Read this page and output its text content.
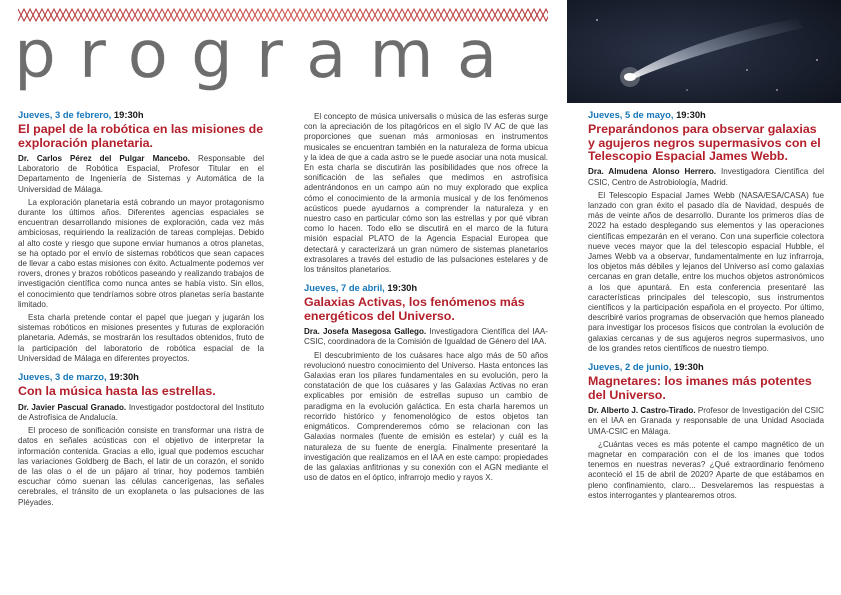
programa
Jueves, 3 de febrero, 19:30h
El papel de la robótica en las misiones de exploración planetaria.

Dr. Carlos Pérez del Pulgar Mancebo. Responsable del Laboratorio de Robótica Espacial, Profesor Titular en el Departamento de Ingeniería de Sistemas y Automática de la Universidad de Málaga.

La exploración planetaria está cobrando un mayor protagonismo durante los últimos años. Diferentes agencias espaciales se encuentran desarrollando misiones de exploración, cada vez más ambiciosas, requiriendo la realización de tareas complejas. Debido al alto coste y riesgo que supone enviar humanos a otros planetas, se ha optado por el envío de sistemas robóticos que sean capaces de llevar a cabo estas misiones con éxito. Actualmente podemos ver rovers, drones y brazos robóticos paseando y realizando trabajos de investigación científica como nunca antes se había visto. Sin ellos, el conocimiento que tendríamos sobre otros planetas sería bastante limitado.

Esta charla pretende contar el papel que juegan y jugarán los sistemas robóticos en misiones presentes y futuras de exploración planetaria. Además, se mostrarán los resultados obtenidos, fruto de la participación del laboratorio de robótica espacial de la Universidad de Málaga en diferentes proyectos.

Jueves, 3 de marzo, 19:30h
Con la música hasta las estrellas.

Dr. Javier Pascual Granado. Investigador postdoctoral del Instituto de Astrofísica de Andalucía.

El proceso de sonificación consiste en transformar una ristra de datos en señales acústicas con el objetivo de interpretar la información contenida. Gracias a ello, igual que podemos escuchar las variaciones Goldberg de Bach, el latir de un corazón, el sonido de las olas o el de un pájaro al trinar, hoy podemos también escuchar cómo suenan las células cancerígenas, las señales cerebrales, el tránsito de un exoplaneta o las pulsaciones de las Pléyades.

El concepto de música universalis o música de las esferas surge con la apreciación de los pitagóricos en el siglo IV AC de que las proporciones que suenan más armoniosas en instrumentos musicales se encuentran también en la naturaleza de forma ubicua y la idea de que a cada astro se le puede asociar una nota musical. En esta charla se discutirán las posibilidades que nos ofrece la sonificación de las señales que medimos en astrofísica adentrándonos en un campo aún no muy explorado que explica cómo el conocimiento de la armonía musical y de los fenómenos acústicos puede ayudarnos a comprender la naturaleza y en nuestro caso en particular cómo son las estrellas y por qué vibran como lo hacen. Todo ello se discutirá en el marco de la futura misión espacial PLATO de la Agencia Espacial Europea que detectará y caracterizará un gran número de sistemas planetarios extrasolares a través del estudio de las pulsaciones estelares y de los tránsitos planetarios.

Jueves, 7 de abril, 19:30h
Galaxias Activas, los fenómenos más energéticos del Universo.

Dra. Josefa Masegosa Gallego. Investigadora Científica del IAA-CSIC, coordinadora de la Comisión de Igualdad de Género del IAA.

El descubrimiento de los cuásares hace algo más de 50 años revolucionó nuestro conocimiento del Universo. Hasta entonces las Galaxias eran los pilares fundamentales en su evolución, pero la constatación de que los cuásares y las Galaxias Activas no eran explicables por emisión de estrellas supuso un cambio de paradigma en la evolución galáctica. En esta charla haremos un recorrido histórico y fenomenológico de estos objetos tan enigmáticos. Comprenderemos cómo se relacionan con las Galaxias normales (fuente de emisión es estelar) y cuál es la naturaleza de su fuente de energía. Finalmente presentaré la investigación que realizamos en el IAA en este campo: propiedades de las galaxias anfitrionas y su conexión con el AGN mediante el uso de datos en el óptico, infrarrojo medio y rayos X.

Jueves, 5 de mayo, 19:30h
Preparándonos para observar galaxias y agujeros negros supermasivos con el Telescopio Espacial James Webb.

Dra. Almudena Alonso Herrero. Investigadora Científica del CSIC, Centro de Astrobiología, Madrid.

El Telescopio Espacial James Webb (NASA/ESA/CASA) fue lanzado con gran éxito el pasado día de Navidad, después de más de veinte años de desarrollo. Durante los primeros días de 2022 ha estado desplegando sus elementos y las operaciones científicas empezarán en el verano. Con una superficie colectora nueve veces mayor que la del telescopio espacial Hubble, el James Webb va a observar, fundamentalmente en luz infrarroja, los objetos más débiles y lejanos del Universo así como galaxias cercanas en gran detalle, entre los muchos objetos astronómicos a los que apuntará. En esta conferencia presentaré las características principales del telescopio, sus instrumentos científicos y la participación española en el proyecto. Por último, describiré varios programas de observación que hemos planeado para investigar los procesos físicos que controlan la evolución de galaxias cercanas y de sus agujeros negros supermasivos, uno de los grandes retos científicos de nuestro tiempo.

Jueves, 2 de junio, 19:30h
Magnetares: los imanes más potentes del Universo.

Dr. Alberto J. Castro-Tirado. Profesor de Investigación del CSIC en el IAA en Granada y responsable de una Unidad Asociada UMA-CSIC en Málaga.

¿Cuántas veces es más potente el campo magnético de un magnetar en comparación con el de los imanes que todos tenemos en nuestras neveras? ¿Qué extraordinario fenómeno aconteció el 15 de abril de 2020? Aparte de que estábamos en pleno confinamiento, claro... Desvelaremos las respuestas a estos interrogantes y plantearemos otros.
